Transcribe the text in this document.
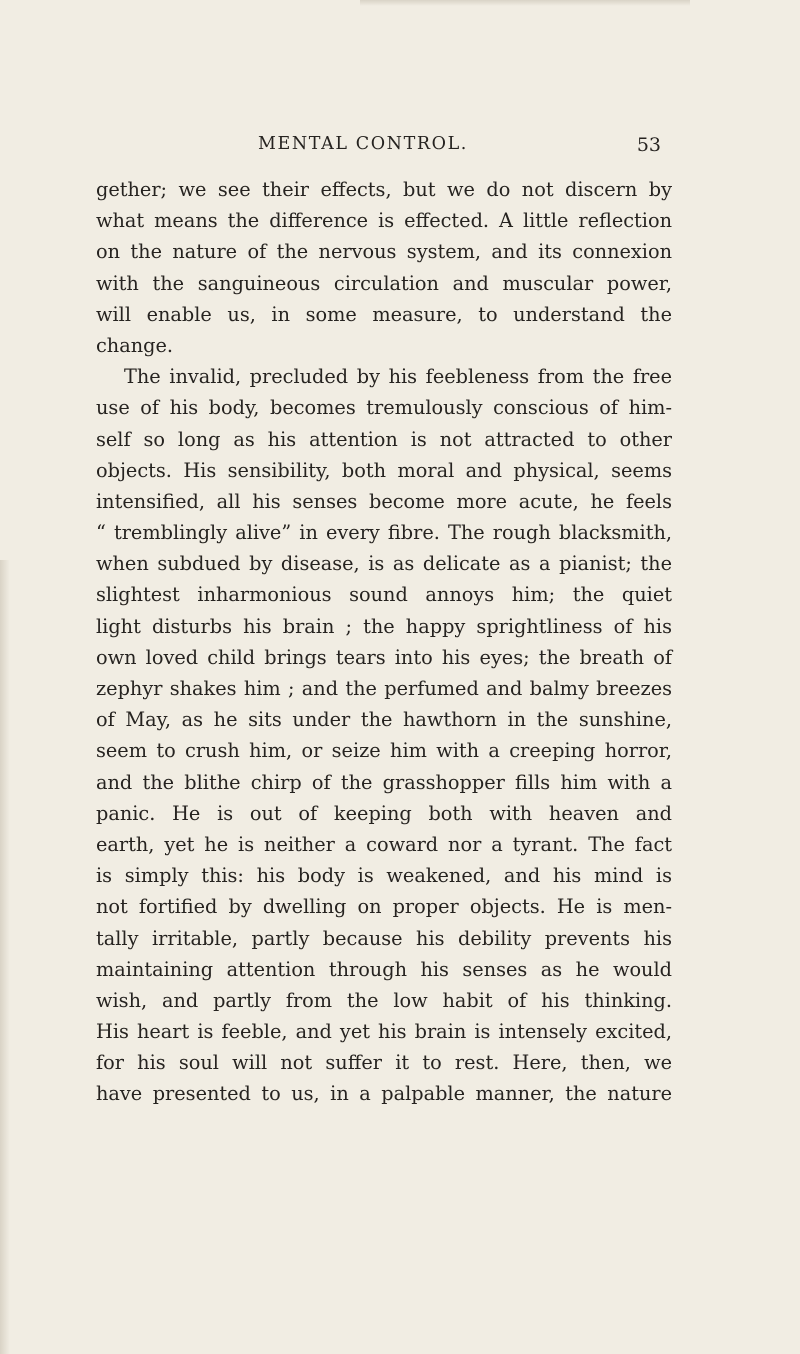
MENTAL CONTROL.	53
gether; we see their effects, but we do not discern by
what means the difference is effected. A little reflection
on the nature of the nervous system, and its connexion
with the sanguineous circulation and muscular power,
will enable us, in some measure, to understand the
change.
The invalid, precluded by his feebleness from the free
use of his body, becomes tremulously conscious of him-
self so long as his attention is not attracted to other
objects. His sensibility, both moral and physical, seems
intensified, all his senses become more acute, he feels
“ tremblingly alive” in every fibre. The rough blacksmith,
when subdued by disease, is as delicate as a pianist; the
slightest inharmonious sound annoys him; the quiet
light disturbs his brain ; the happy sprightliness of his
own loved child brings tears into his eyes; the breath of
zephyr shakes him ; and the perfumed and balmy breezes
of May, as he sits under the hawthorn in the sunshine,
seem to crush him, or seize him with a creeping horror,
and the blithe chirp of the grasshopper fills him with a
panic. He is out of keeping both with heaven and
earth, yet he is neither a coward nor a tyrant. The fact
is simply this: his body is weakened, and his mind is
not fortified by dwelling on proper objects. He is men-
tally irritable, partly because his debility prevents his
maintaining attention through his senses as he would
wish, and partly from the low habit of his thinking.
His heart is feeble, and yet his brain is intensely excited,
for his soul will not suffer it to rest. Here, then, we
have presented to us, in a palpable manner, the nature
